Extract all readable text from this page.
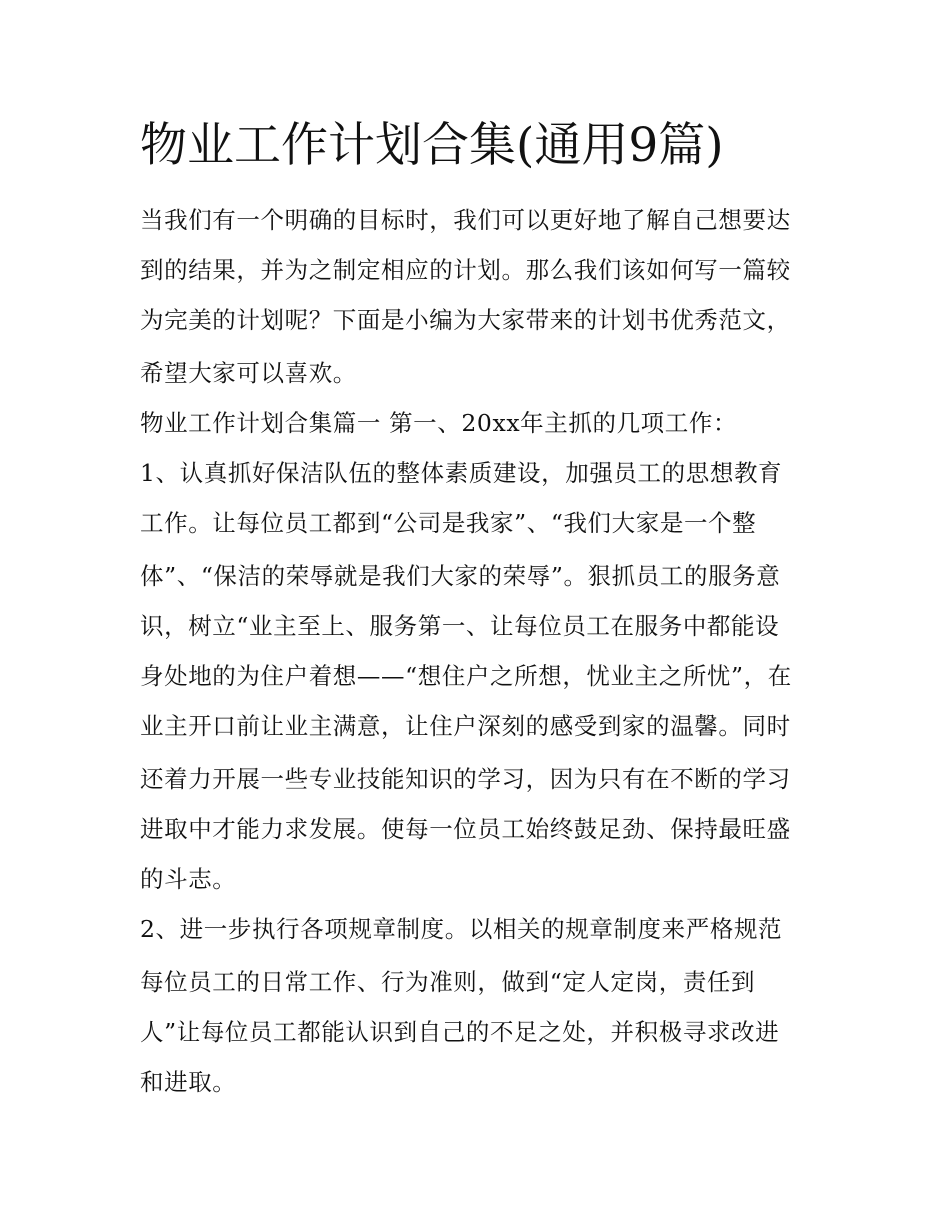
物业工作计划合集(通用9篇)

当我们有一个明确的目标时，我们可以更好地了解自己想要达

到的结果，并为之制定相应的计划。那么我们该如何写一篇较

为完美的计划呢？下面是小编为大家带来的计划书优秀范文，

希望大家可以喜欢。

物业工作计划合集篇一 第一、20xx年主抓的几项工作：

1、认真抓好保洁队伍的整体素质建设，加强员工的思想教育

工作。让每位员工都到“公司是我家”、“我们大家是一个整

体”、“保洁的荣辱就是我们大家的荣辱”。狠抓员工的服务意

识，树立“业主至上、服务第一、让每位员工在服务中都能设

身处地的为住户着想——“想住户之所想，忧业主之所忧”，在

业主开口前让业主满意，让住户深刻的感受到家的温馨。同时

还着力开展一些专业技能知识的学习，因为只有在不断的学习

进取中才能力求发展。使每一位员工始终鼓足劲、保持最旺盛

的斗志。

2、进一步执行各项规章制度。以相关的规章制度来严格规范

每位员工的日常工作、行为准则，做到“定人定岗，责任到

人”让每位员工都能认识到自己的不足之处，并积极寻求改进

和进取。
